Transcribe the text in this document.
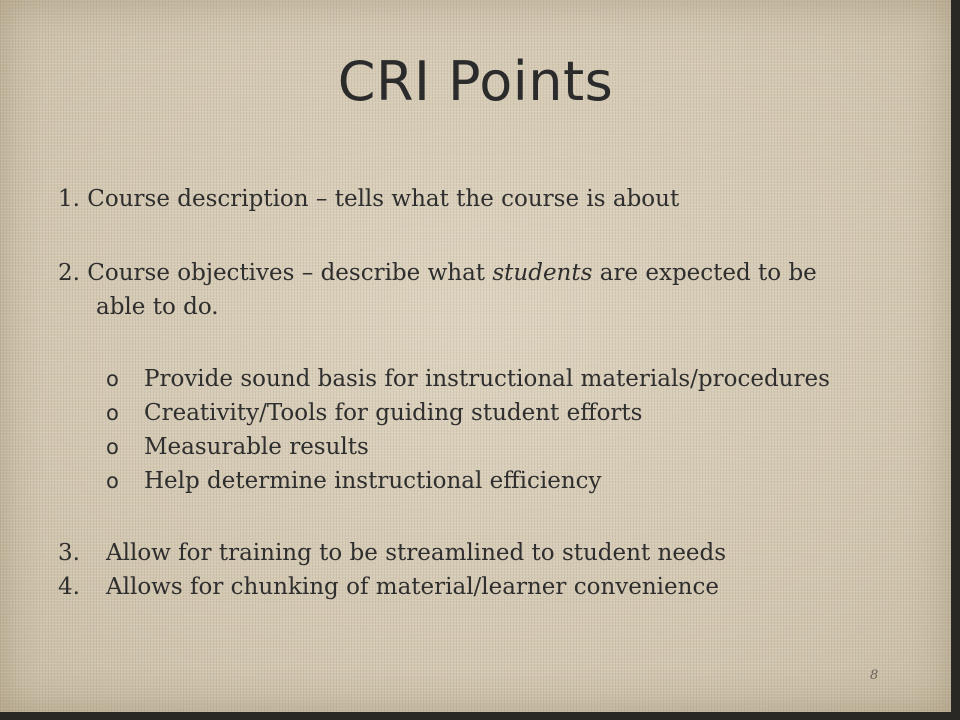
CRI Points
1. Course description – tells what the course is about
2. Course objectives – describe what students are expected to be
able to do.
o Provide sound basis for instructional materials/procedures
o Creativity/Tools for guiding student efforts
o Measurable results
o Help determine instructional efficiency
3. Allow for training to be streamlined to student needs
4. Allows for chunking of material/learner convenience
8
